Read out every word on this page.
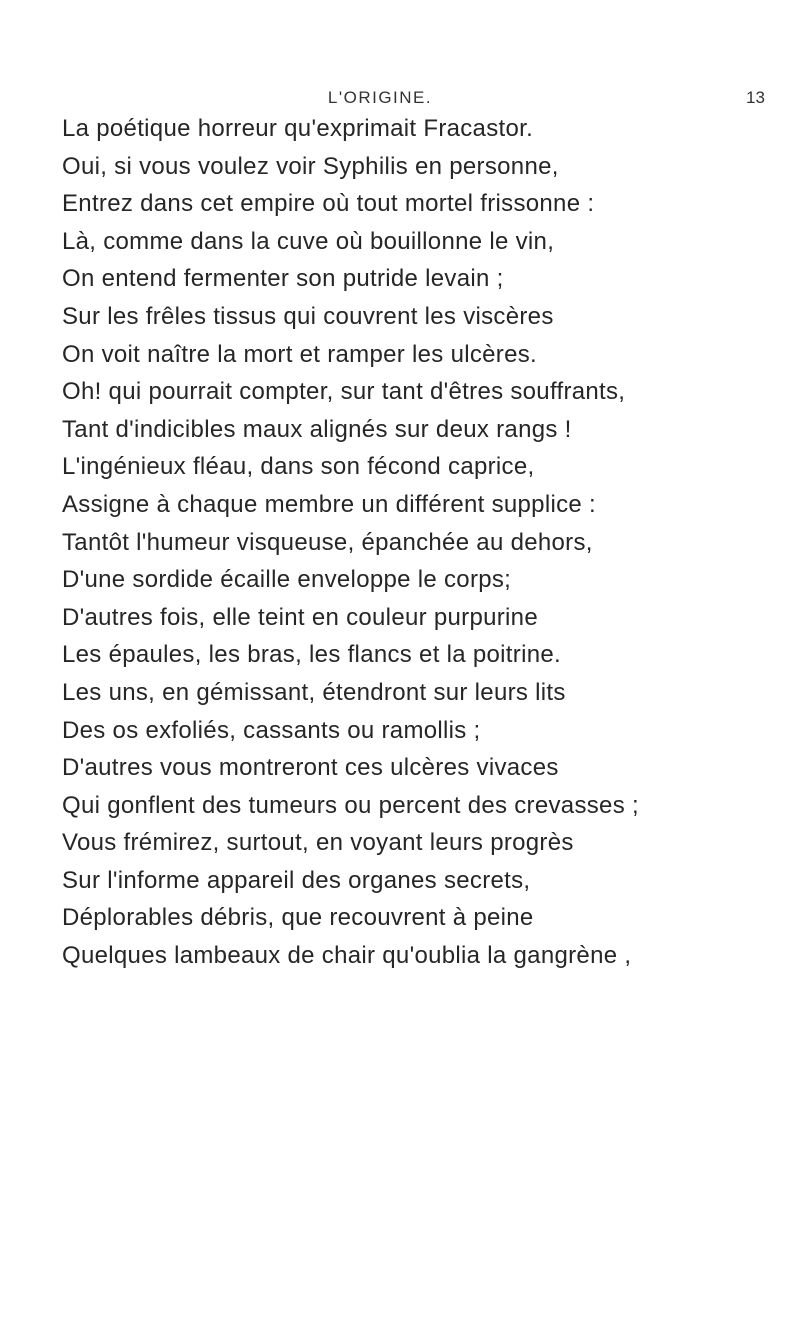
L'ORIGINE.	13
La poétique horreur qu'exprimait Fracastor.
Oui, si vous voulez voir Syphilis en personne,
Entrez dans cet empire où tout mortel frissonne :
Là, comme dans la cuve où bouillonne le vin,
On entend fermenter son putride levain ;
Sur les frêles tissus qui couvrent les viscères
On voit naître la mort et ramper les ulcères.
Oh! qui pourrait compter, sur tant d'êtres souffrants,
Tant d'indicibles maux alignés sur deux rangs !
L'ingénieux fléau, dans son fécond caprice,
Assigne à chaque membre un différent supplice :
Tantôt l'humeur visqueuse, épanchée au dehors,
D'une sordide écaille enveloppe le corps;
D'autres fois, elle teint en couleur purpurine
Les épaules, les bras, les flancs et la poitrine.
Les uns, en gémissant, étendront sur leurs lits
Des os exfoliés, cassants ou ramollis ;
D'autres vous montreront ces ulcères vivaces
Qui gonflent des tumeurs ou percent des crevasses ;
Vous frémirez, surtout, en voyant leurs progrès
Sur l'informe appareil des organes secrets,
Déplorables débris, que recouvrent à peine
Quelques lambeaux de chair qu'oublia la gangrène ,
